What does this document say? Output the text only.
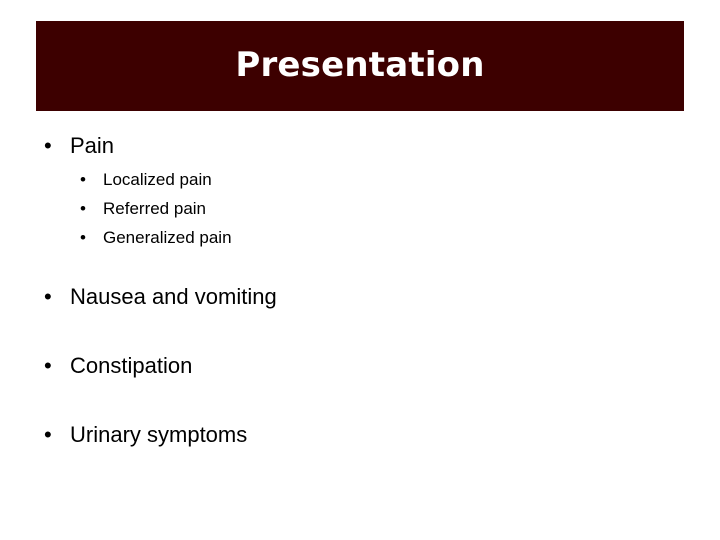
Presentation
• Pain
• Localized pain
• Referred pain
• Generalized pain
• Nausea and vomiting
• Constipation
• Urinary symptoms
